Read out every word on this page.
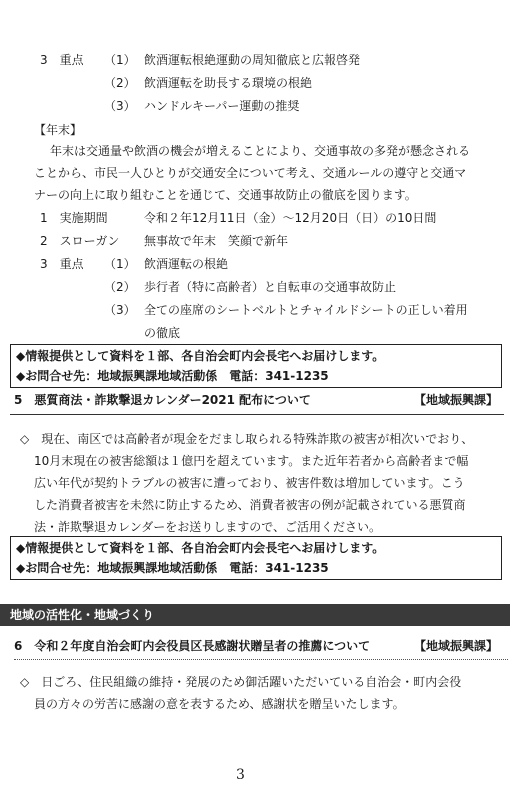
3　重点 （1） 飲酒運転根絶運動の周知徹底と広報啓発
（2） 飲酒運転を助長する環境の根絶
（3） ハンドルキーパー運動の推奨
【年末】
年末は交通量や飲酒の機会が増えることにより、交通事故の多発が懸念される
ことから、市民一人ひとりが交通安全について考え、交通ルールの遵守と交通マ
ナーの向上に取り組むことを通じて、交通事故防止の徹底を図ります。
1　実施期間	令和２年12月11日（金）～12月20日（日）の10日間
2　スローガン 無事故で年末　笑顔で新年
3　重点 （1） 飲酒運転の根絶
（2） 歩行者（特に高齢者）と自転車の交通事故防止
（3） 全ての座席のシートベルトとチャイルドシートの正しい着用
の徹底
◆情報提供として資料を１部、各自治会町内会長宅へお届けします。
◆お問合せ先：地域振興課地域活動係　電話：341-1235
5　悪質商法・詐欺撃退カレンダー2021 配布について	【地域振興課】
◇　現在、南区では高齢者が現金をだまし取られる特殊詐欺の被害が相次いでおり、
10月末現在の被害総額は１億円を超えています。また近年若者から高齢者まで幅
広い年代が契約トラブルの被害に遭っており、被害件数は増加しています。こう
した消費者被害を未然に防止するため、消費者被害の例が記載されている悪質商
法・詐欺撃退カレンダーをお送りしますので、ご活用ください。
◆情報提供として資料を１部、各自治会町内会長宅へお届けします。
◆お問合せ先：地域振興課地域活動係　電話：341-1235
地域の活性化・地域づくり
6　令和２年度自治会町内会役員区長感謝状贈呈者の推薦について	【地域振興課】
◇　日ごろ、住民組織の維持・発展のため御活躍いただいている自治会・町内会役
員の方々の労苦に感謝の意を表するため、感謝状を贈呈いたします。
3
